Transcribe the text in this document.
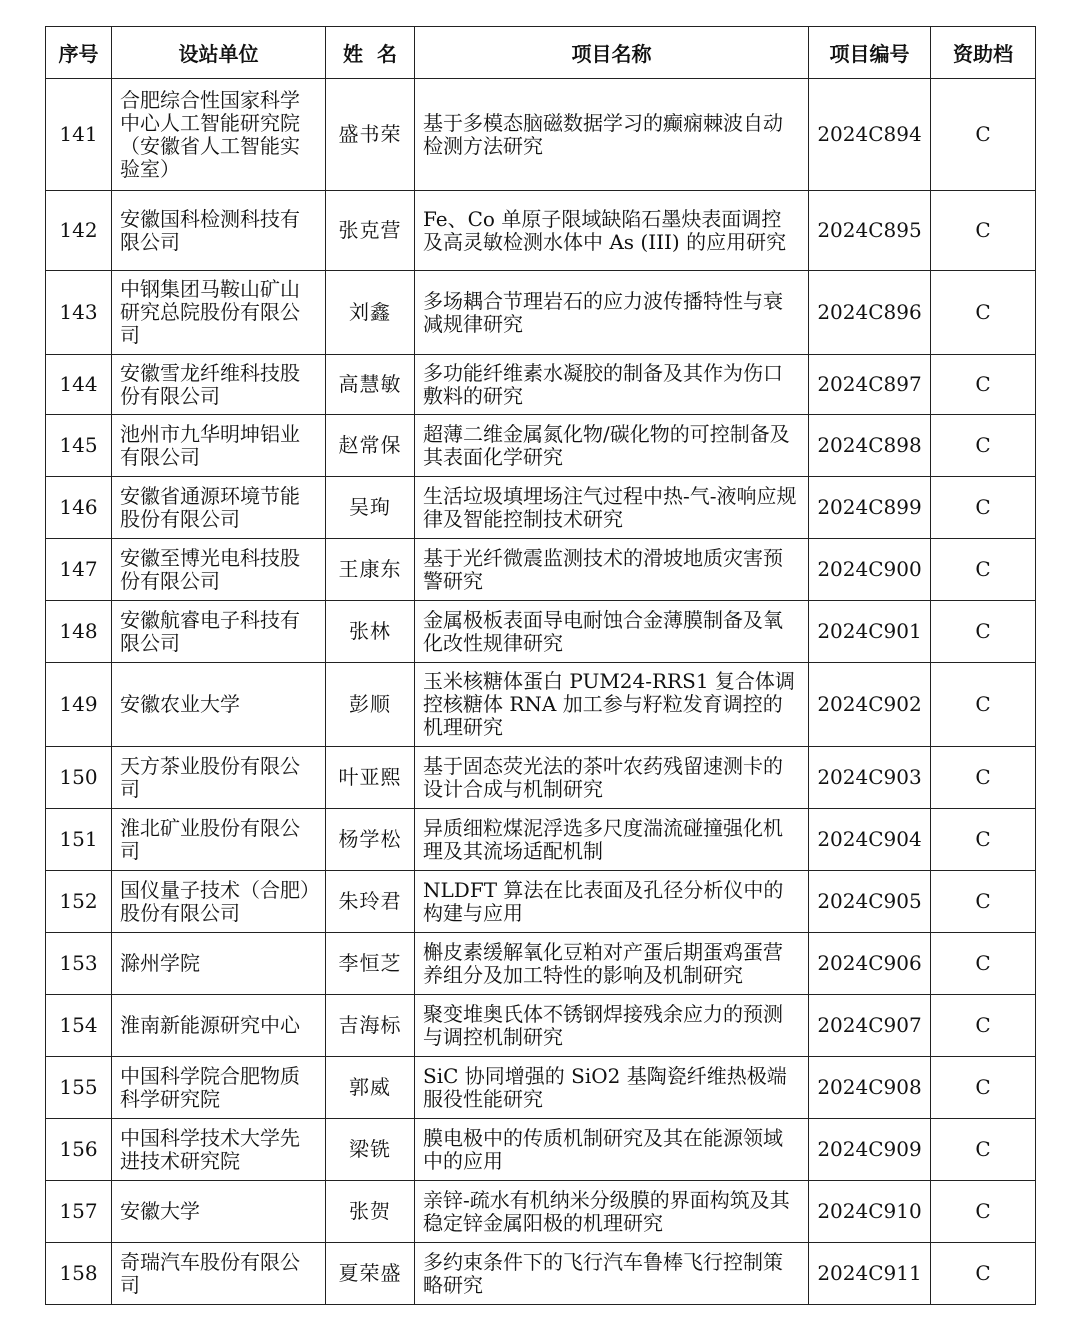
序号	设站单位	姓  名	项目名称	项目编号	资助档
141	合肥综合性国家科学中心人工智能研究院（安徽省人工智能实验室）	盛书荣	基于多模态脑磁数据学习的癫痫棘波自动检测方法研究	2024C894	C
142	安徽国科检测科技有限公司	张克营	Fe、Co 单原子限域缺陷石墨炔表面调控及高灵敏检测水体中 As (III) 的应用研究	2024C895	C
143	中钢集团马鞍山矿山研究总院股份有限公司	刘鑫	多场耦合节理岩石的应力波传播特性与衰减规律研究	2024C896	C
144	安徽雪龙纤维科技股份有限公司	高慧敏	多功能纤维素水凝胶的制备及其作为伤口敷料的研究	2024C897	C
145	池州市九华明坤铝业有限公司	赵常保	超薄二维金属氮化物/碳化物的可控制备及其表面化学研究	2024C898	C
146	安徽省通源环境节能股份有限公司	吴珣	生活垃圾填埋场注气过程中热-气-液响应规律及智能控制技术研究	2024C899	C
147	安徽至博光电科技股份有限公司	王康东	基于光纤微震监测技术的滑坡地质灾害预警研究	2024C900	C
148	安徽航睿电子科技有限公司	张林	金属极板表面导电耐蚀合金薄膜制备及氧化改性规律研究	2024C901	C
149	安徽农业大学	彭顺	玉米核糖体蛋白 PUM24-RRS1 复合体调控核糖体 RNA 加工参与籽粒发育调控的机理研究	2024C902	C
150	天方茶业股份有限公司	叶亚熙	基于固态荧光法的茶叶农药残留速测卡的设计合成与机制研究	2024C903	C
151	淮北矿业股份有限公司	杨学松	异质细粒煤泥浮选多尺度湍流碰撞强化机理及其流场适配机制	2024C904	C
152	国仪量子技术（合肥）股份有限公司	朱玲君	NLDFT 算法在比表面及孔径分析仪中的构建与应用	2024C905	C
153	滁州学院	李恒芝	槲皮素缓解氧化豆粕对产蛋后期蛋鸡蛋营养组分及加工特性的影响及机制研究	2024C906	C
154	淮南新能源研究中心	吉海标	聚变堆奥氏体不锈钢焊接残余应力的预测与调控机制研究	2024C907	C
155	中国科学院合肥物质科学研究院	郭威	SiC 协同增强的 SiO2 基陶瓷纤维热极端服役性能研究	2024C908	C
156	中国科学技术大学先进技术研究院	梁铣	膜电极中的传质机制研究及其在能源领域中的应用	2024C909	C
157	安徽大学	张贺	亲锌-疏水有机纳米分级膜的界面构筑及其稳定锌金属阳极的机理研究	2024C910	C
158	奇瑞汽车股份有限公司	夏荣盛	多约束条件下的飞行汽车鲁棒飞行控制策略研究	2024C911	C
